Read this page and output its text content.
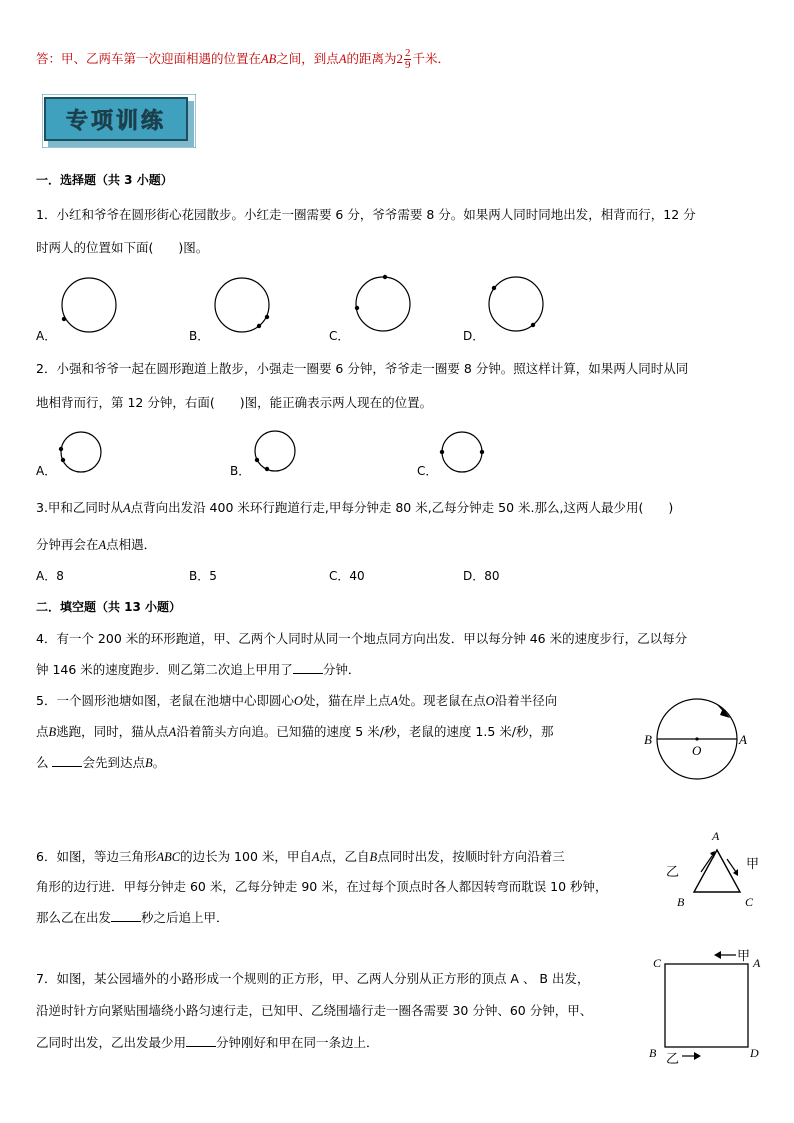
答：甲、乙两车第一次迎面相遇的位置在AB之间，到点A的距离为$2 \frac{2}{9}$ 千米．
专项训练
一．选择题（共 3 小题）
1．小红和爷爷在圆形街心花园散步。小红走一圈需要 6 分，爷爷需要 8 分。如果两人同时同地出发，相背而行，12 分
时两人的位置如下面(　　)图。
A．	B．	C．	D．
2．小强和爷爷一起在圆形跑道上散步，小强走一圈要 6 分钟，爷爷走一圈要 8 分钟。照这样计算，如果两人同时从同
地相背而行，第 12 分钟，右面(　　)图，能正确表示两人现在的位置。
A．	B．	C．
3.甲和乙同时从A点背向出发沿 400 米环行跑道行走,甲每分钟走 80 米,乙每分钟走 50 米.那么,这两人最少用(　　)
分钟再会在A点相遇．
A．8	B．5	C．40	D．80
二．填空题（共 13 小题）
4．有一个 200 米的环形跑道，甲、乙两个人同时从同一个地点同方向出发．甲以每分钟 46 米的速度步行，乙以每分
钟 146 米的速度跑步．则乙第二次追上甲用了 分钟．
5．一个圆形池塘如图，老鼠在池塘中心即圆心O处，猫在岸上点A处。现老鼠在点O沿着半径向
点B逃跑，同时，猫从点A沿着箭头方向追。已知猫的速度 5 米/秒，老鼠的速度 1.5 米/秒，那
么 会先到达点B。
B
O
A
6．如图，等边三角形ABC的边长为 100 米，甲自A点，乙自B点同时出发，按顺时针方向沿着三
角形的边行进．甲每分钟走 60 米，乙每分钟走 90 米，在过每个顶点时各人都因转弯而耽误 10 秒钟，
那么乙在出发 秒之后追上甲．
A
B	C
乙
甲
7．如图，某公园墙外的小路形成一个规则的正方形，甲、乙两人分别从正方形的顶点 A 、 B 出发，
沿逆时针方向紧贴围墙绕小路匀速行走，已知甲、乙绕围墙行走一圈各需要 30 分钟、60 分钟，甲、
乙同时出发，乙出发最少用 分钟刚好和甲在同一条边上．
C	A
B	D
甲
乙
